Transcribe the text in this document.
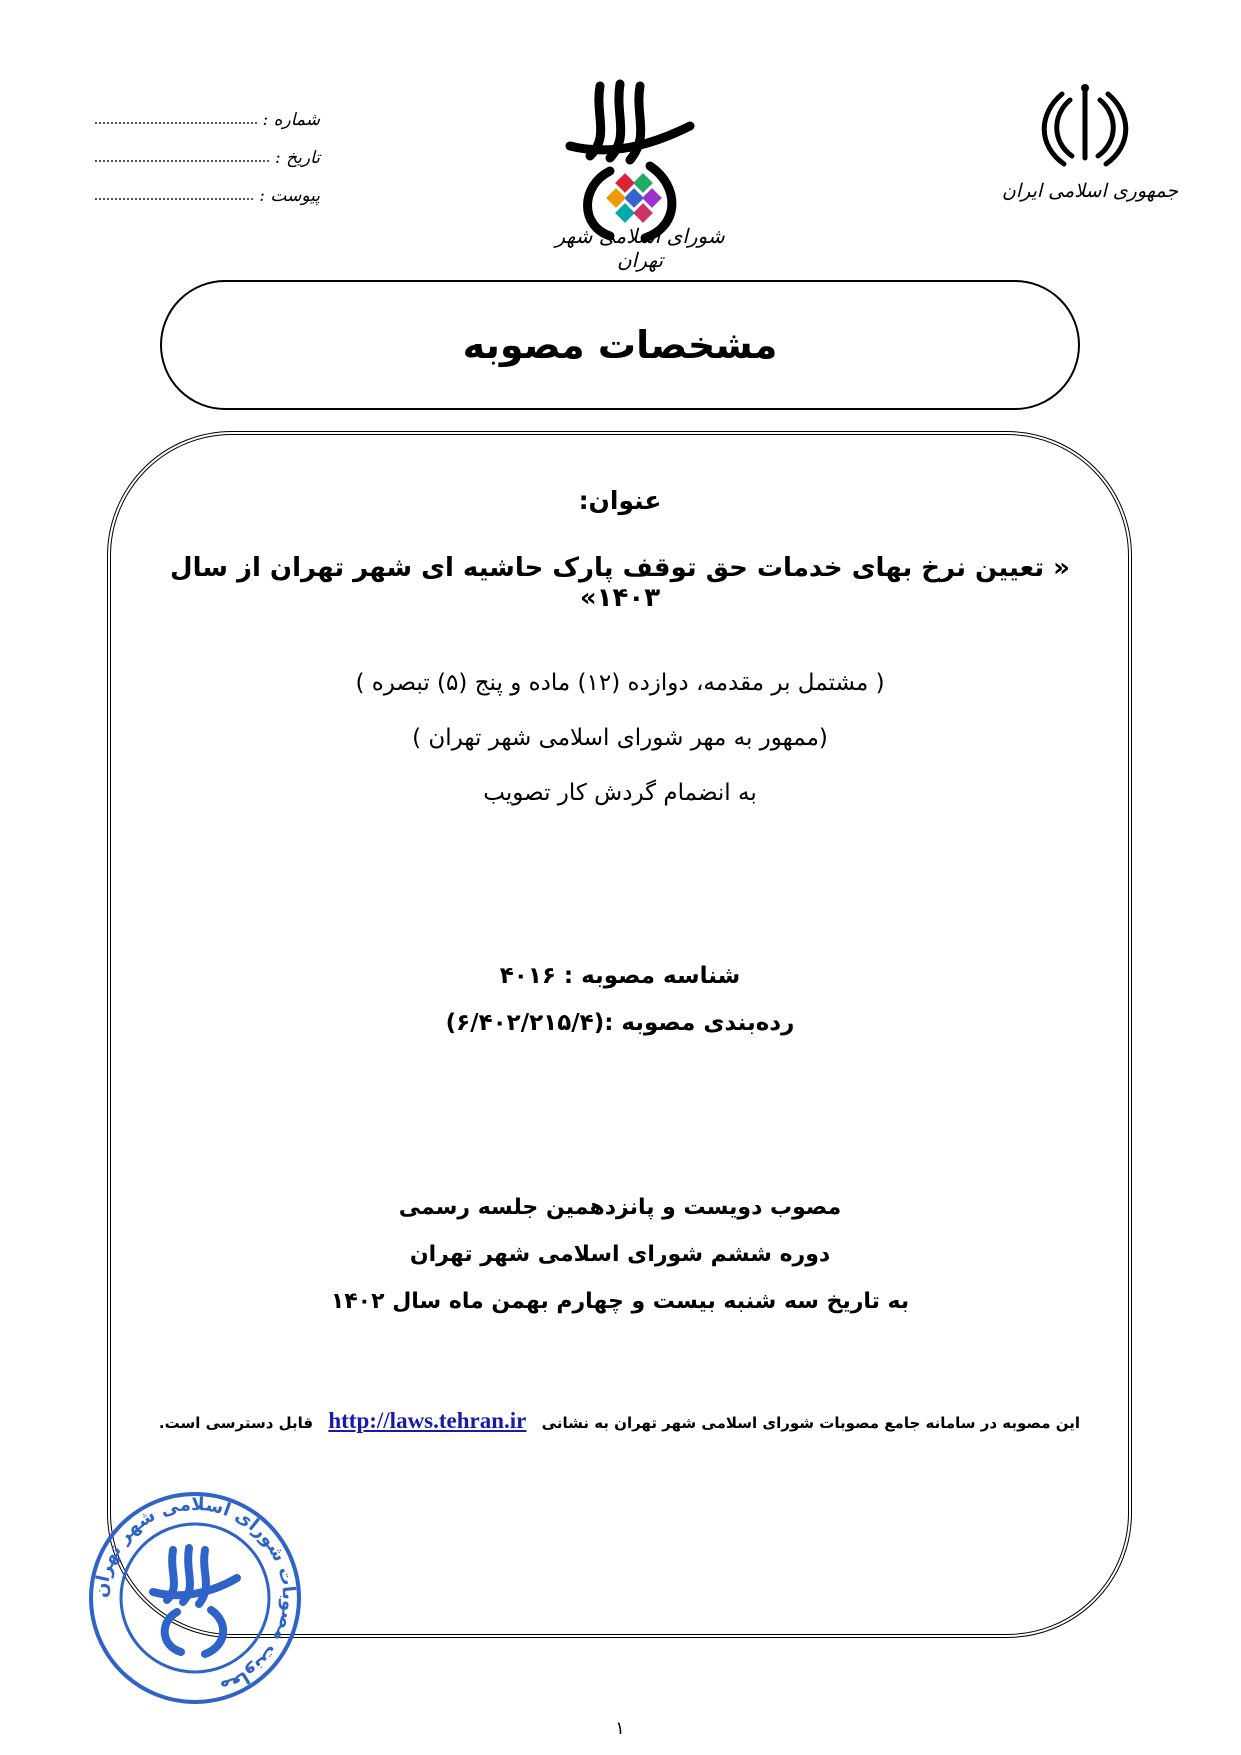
شماره :
تاریخ :
پیوست :
شورای اسلامی شهر تهران
جمهوری اسلامی ایران
مشخصات مصوبه
عنوان:
« تعیین نرخ بهای خدمات حق توقف پارک حاشیه ای شهر تهران از سال ۱۴۰۳»
( مشتمل بر مقدمه، دوازده (۱۲) ماده و پنج (۵) تبصره )
(ممهور به مهر شورای اسلامی شهر تهران )
به انضمام گردش کار تصویب
شناسه مصوبه : ۴۰۱۶
رده‌بندی مصوبه :(۶/۴۰۲/۲۱۵/۴)
مصوب دویست و پانزدهمین جلسه رسمی
دوره ششم شورای اسلامی شهر تهران
به تاریخ سه شنبه بیست و چهارم بهمن ماه سال ۱۴۰۲
این مصوبه در سامانه جامع مصوبات شورای اسلامی شهر تهران به نشانی http://laws.tehran.ir قابل دسترسی است.
معاونت مصوبات شورای اسلامی شهر تهران
۱
